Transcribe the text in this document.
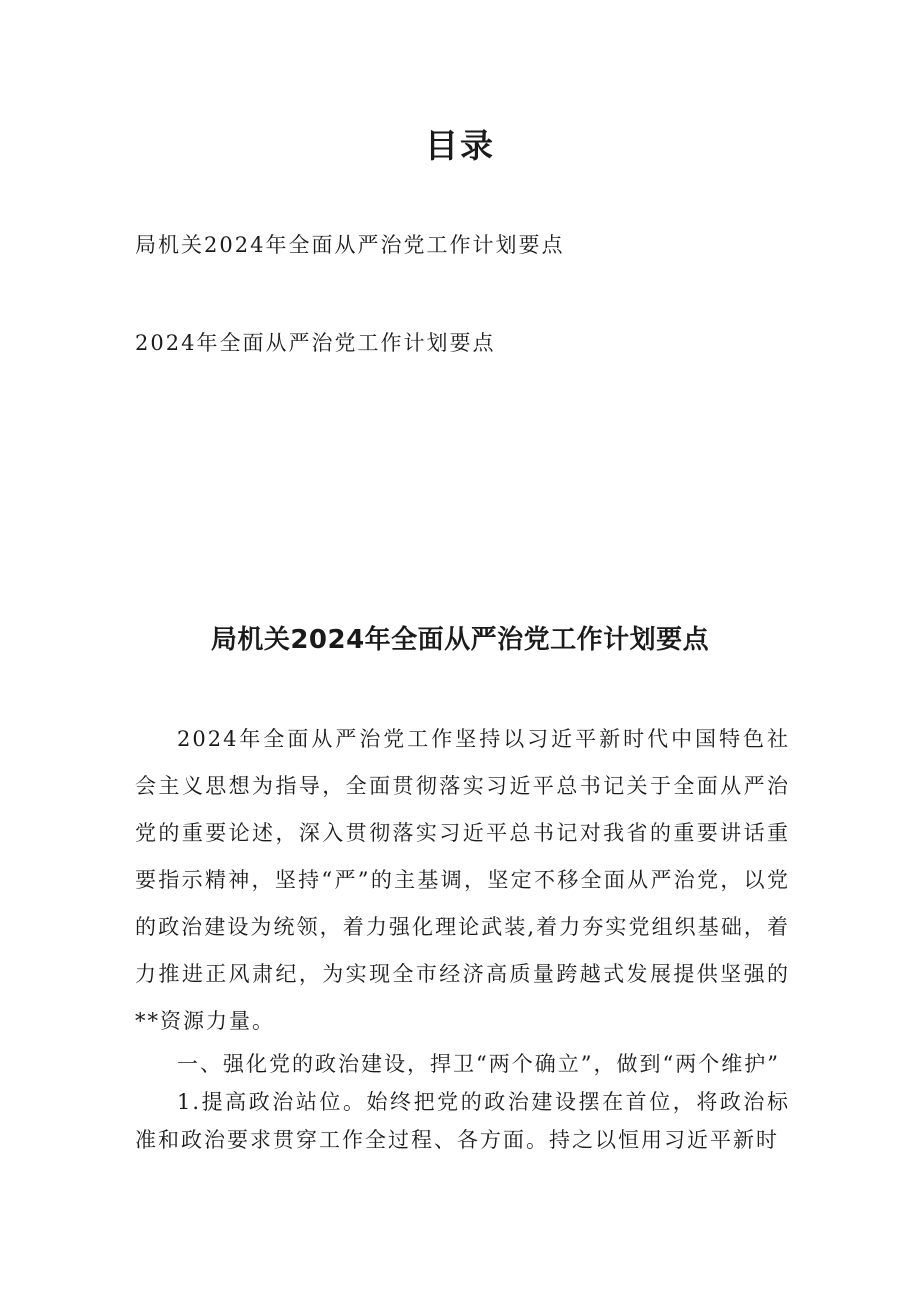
目录
局机关2024年全面从严治党工作计划要点
2024年全面从严治党工作计划要点
局机关2024年全面从严治党工作计划要点

2024年全面从严治党工作坚持以习近平新时代中国特色社会主义思想为指导，全面贯彻落实习近平总书记关于全面从严治党的重要论述，深入贯彻落实习近平总书记对我省的重要讲话重要指示精神，坚持“严”的主基调，坚定不移全面从严治党，以党的政治建设为统领，着力强化理论武装,着力夯实党组织基础，着力推进正风肃纪，为实现全市经济高质量跨越式发展提供坚强的**资源力量。

一、强化党的政治建设，捍卫“两个确立”，做到“两个维护”

1.提高政治站位。始终把党的政治建设摆在首位，将政治标准和政治要求贯穿工作全过程、各方面。持之以恒用习近平新时
